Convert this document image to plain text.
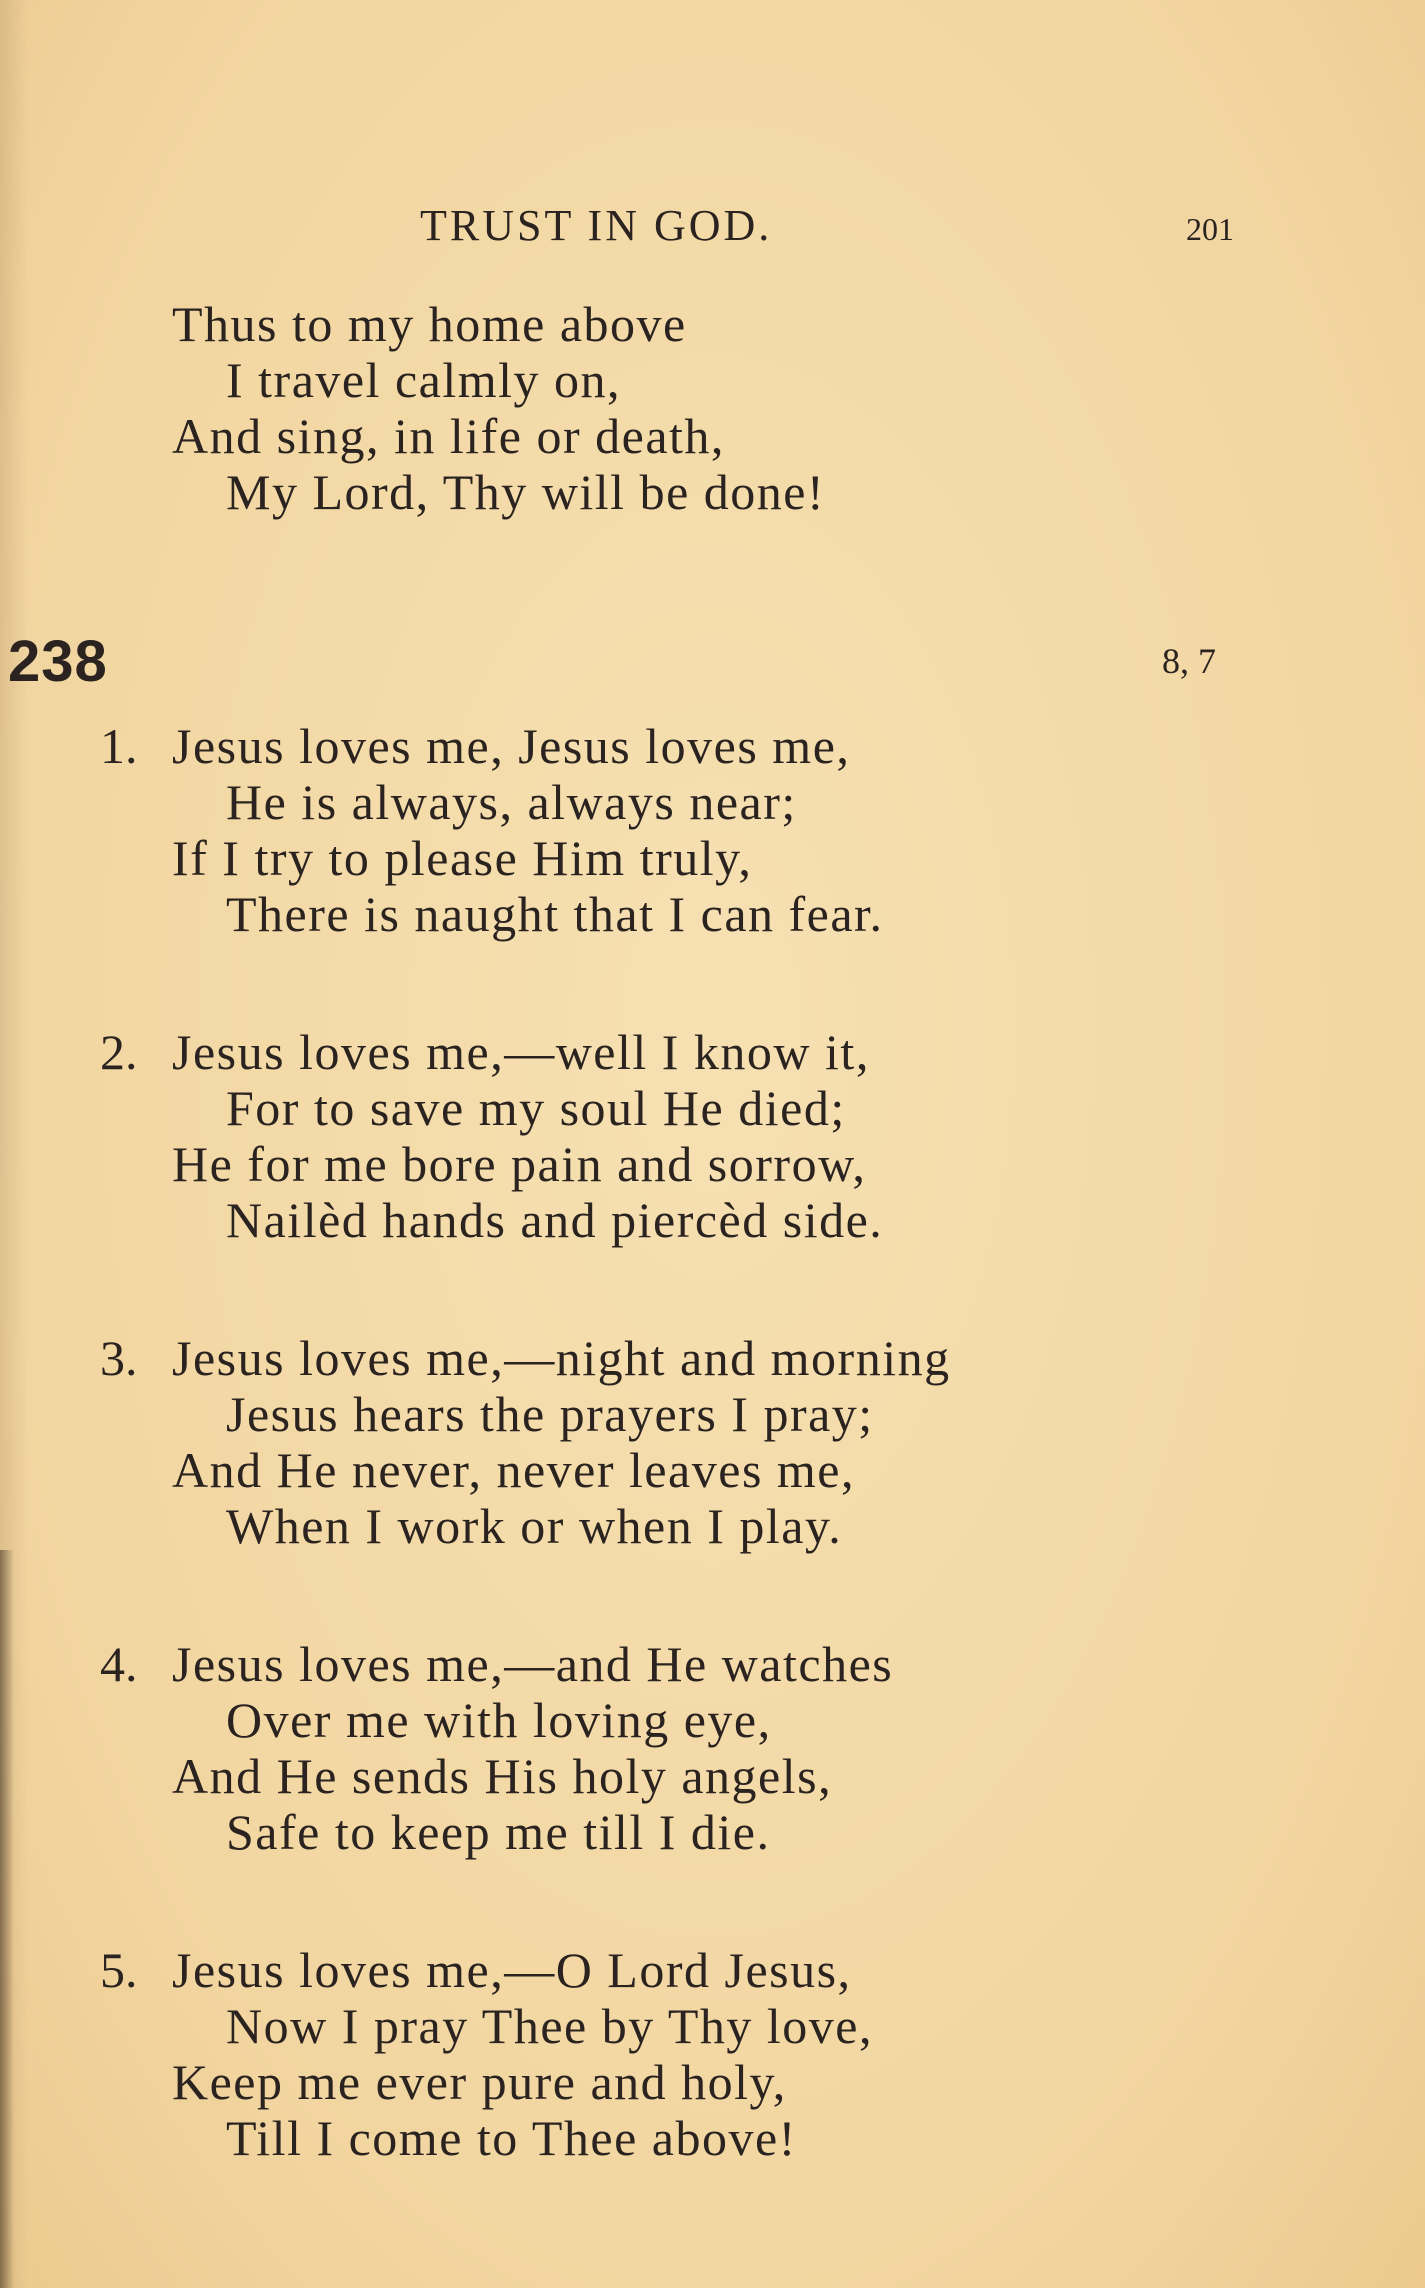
TRUST IN GOD.	201
Thus to my home above
I travel calmly on,
And sing, in life or death,
My Lord, Thy will be done!
238	8, 7
1. Jesus loves me, Jesus loves me,
He is always, always near;
If I try to please Him truly,
There is naught that I can fear.
2. Jesus loves me,—well I know it,
For to save my soul He died;
He for me bore pain and sorrow,
Nailèd hands and piercèd side.
3. Jesus loves me,—night and morning
Jesus hears the prayers I pray;
And He never, never leaves me,
When I work or when I play.
4. Jesus loves me,—and He watches
Over me with loving eye,
And He sends His holy angels,
Safe to keep me till I die.
5. Jesus loves me,—O Lord Jesus,
Now I pray Thee by Thy love,
Keep me ever pure and holy,
Till I come to Thee above!
